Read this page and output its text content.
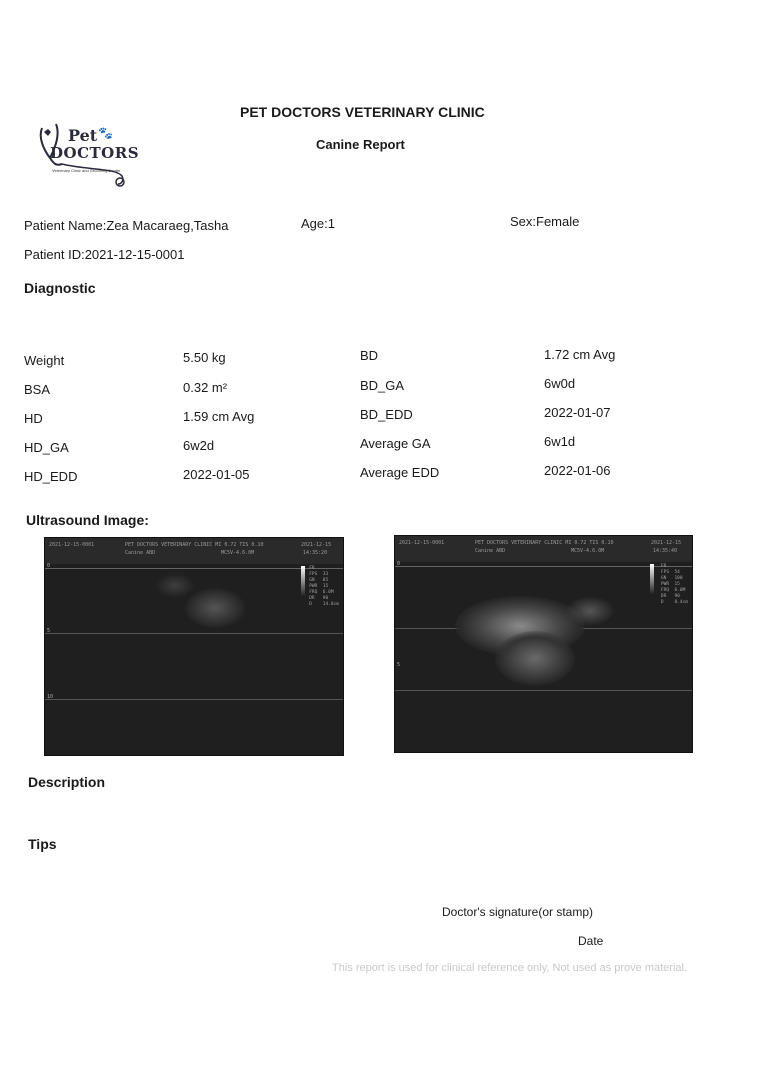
Pet 🐾
DOCTORS
Veterinary Clinic and Grooming Center
PET DOCTORS VETERINARY CLINIC
Canine Report
Patient Name:Zea Macaraeg,Tasha	Age:1	Sex:Female
Patient ID:2021-12-15-0001
Diagnostic
Weight	5.50 kg
BSA	0.32 m²
HD	1.59 cm Avg
HD_GA	6w2d
HD_EDD	2022-01-05
BD	1.72 cm Avg
BD_GA	6w0d
BD_EDD	2022-01-07
Average GA	6w1d
Average EDD	2022-01-06
Ultrasound Image:
2021-12-15-0001	PET DOCTORS VETERINARY CLINIC MI 0.72 TIS 0.10
Canine ABD	MC5V-4.6.0M
2021-12-15
14:35:20
0
5
10
FR
FPS  33
GN   85
PWR  15
FRQ  6.0M
DR   90
D    14.0cm
2021-12-15-0001	PET DOCTORS VETERINARY CLINIC MI 0.72 TIS 0.10
Canine ABD	MC5V-4.6.0M
2021-12-15
14:35:40
0
5
FR
FPS  54
GN   100
PWR  15
FRQ  6.0M
DR   90
D    8.4cm
Description
Tips
Doctor's signature(or stamp)
Date
This report is used for clinical reference only, Not used as prove material.
